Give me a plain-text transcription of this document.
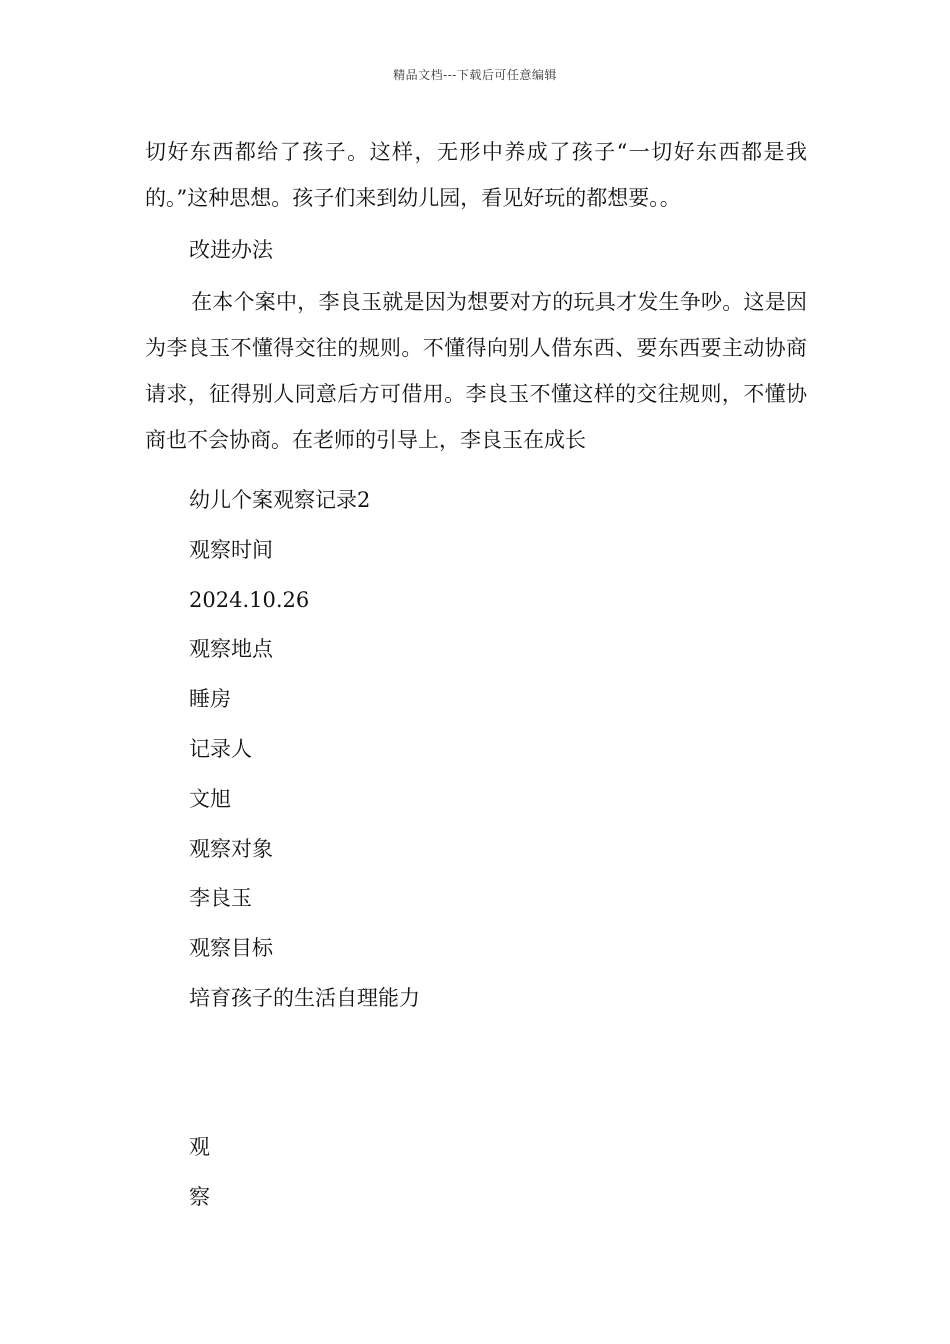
精品文档---下载后可任意编辑
切好东西都给了孩子。这样，无形中养成了孩子“一切好东西都是我的。”这种思想。孩子们来到幼儿园，看见好玩的都想要。。
改进办法
在本个案中，李良玉就是因为想要对方的玩具才发生争吵。这是因为李良玉不懂得交往的规则。不懂得向别人借东西、要东西要主动协商请求，征得别人同意后方可借用。李良玉不懂这样的交往规则，不懂协商也不会协商。在老师的引导上，李良玉在成长
幼儿个案观察记录2
观察时间
2024.10.26
观察地点
睡房
记录人
文旭
观察对象
李良玉
观察目标
培育孩子的生活自理能力
观
察
